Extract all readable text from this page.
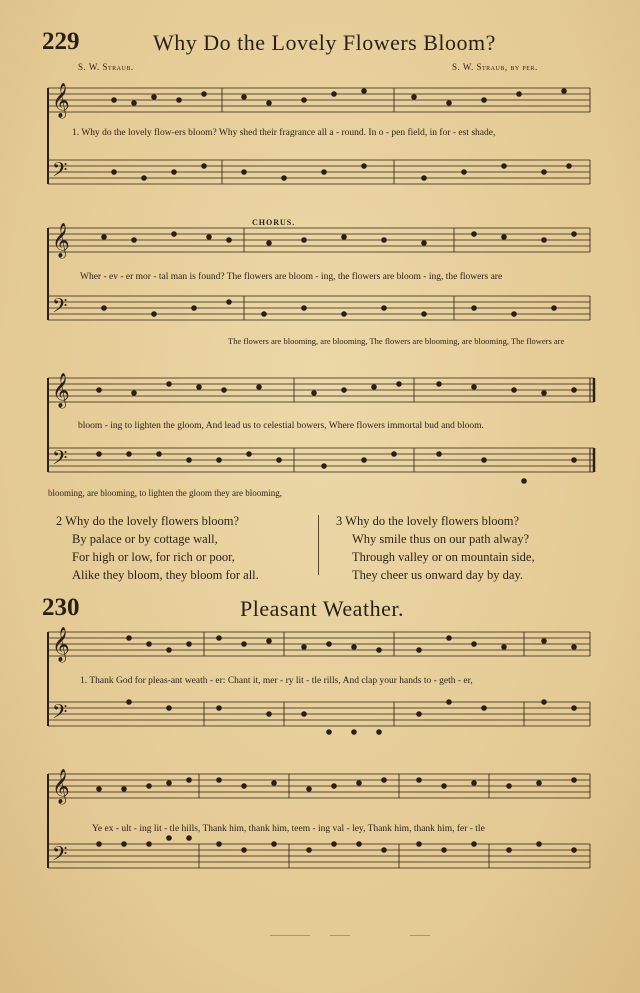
229	Why Do the Lovely Flowers Bloom?
S. W. Straub.	S. W. Straub, by per.
𝄞
𝄢
1. Why do the lovely flow-ers bloom? Why shed their fragrance all a - round. In o - pen field, in for - est shade,
𝄞
𝄢
CHORUS.
Wher - ev - er mor - tal man is found? The flowers are bloom - ing, the flowers are bloom - ing, the flowers are
The flowers are blooming, are blooming, The flowers are blooming, are blooming, The flowers are
𝄞
𝄢
bloom - ing to lighten the gloom, And lead us to celestial bowers, Where flowers immortal bud and bloom.
blooming, are blooming, to lighten the gloom they are blooming,
2 Why do the lovely flowers bloom?
By palace or by cottage wall,
For high or low, for rich or poor,
Alike they bloom, they bloom for all.
3 Why do the lovely flowers bloom?
Why smile thus on our path alway?
Through valley or on mountain side,
They cheer us onward day by day.
230	Pleasant Weather.
𝄞
𝄢
1. Thank God for pleas-ant weath - er: Chant it, mer - ry lit - tle rills, And clap your hands to - geth - er,
𝄞
𝄢
Ye ex - ult - ing lit - tle hills, Thank him, thank him, teem - ing val - ley, Thank him, thank him, fer - tle
